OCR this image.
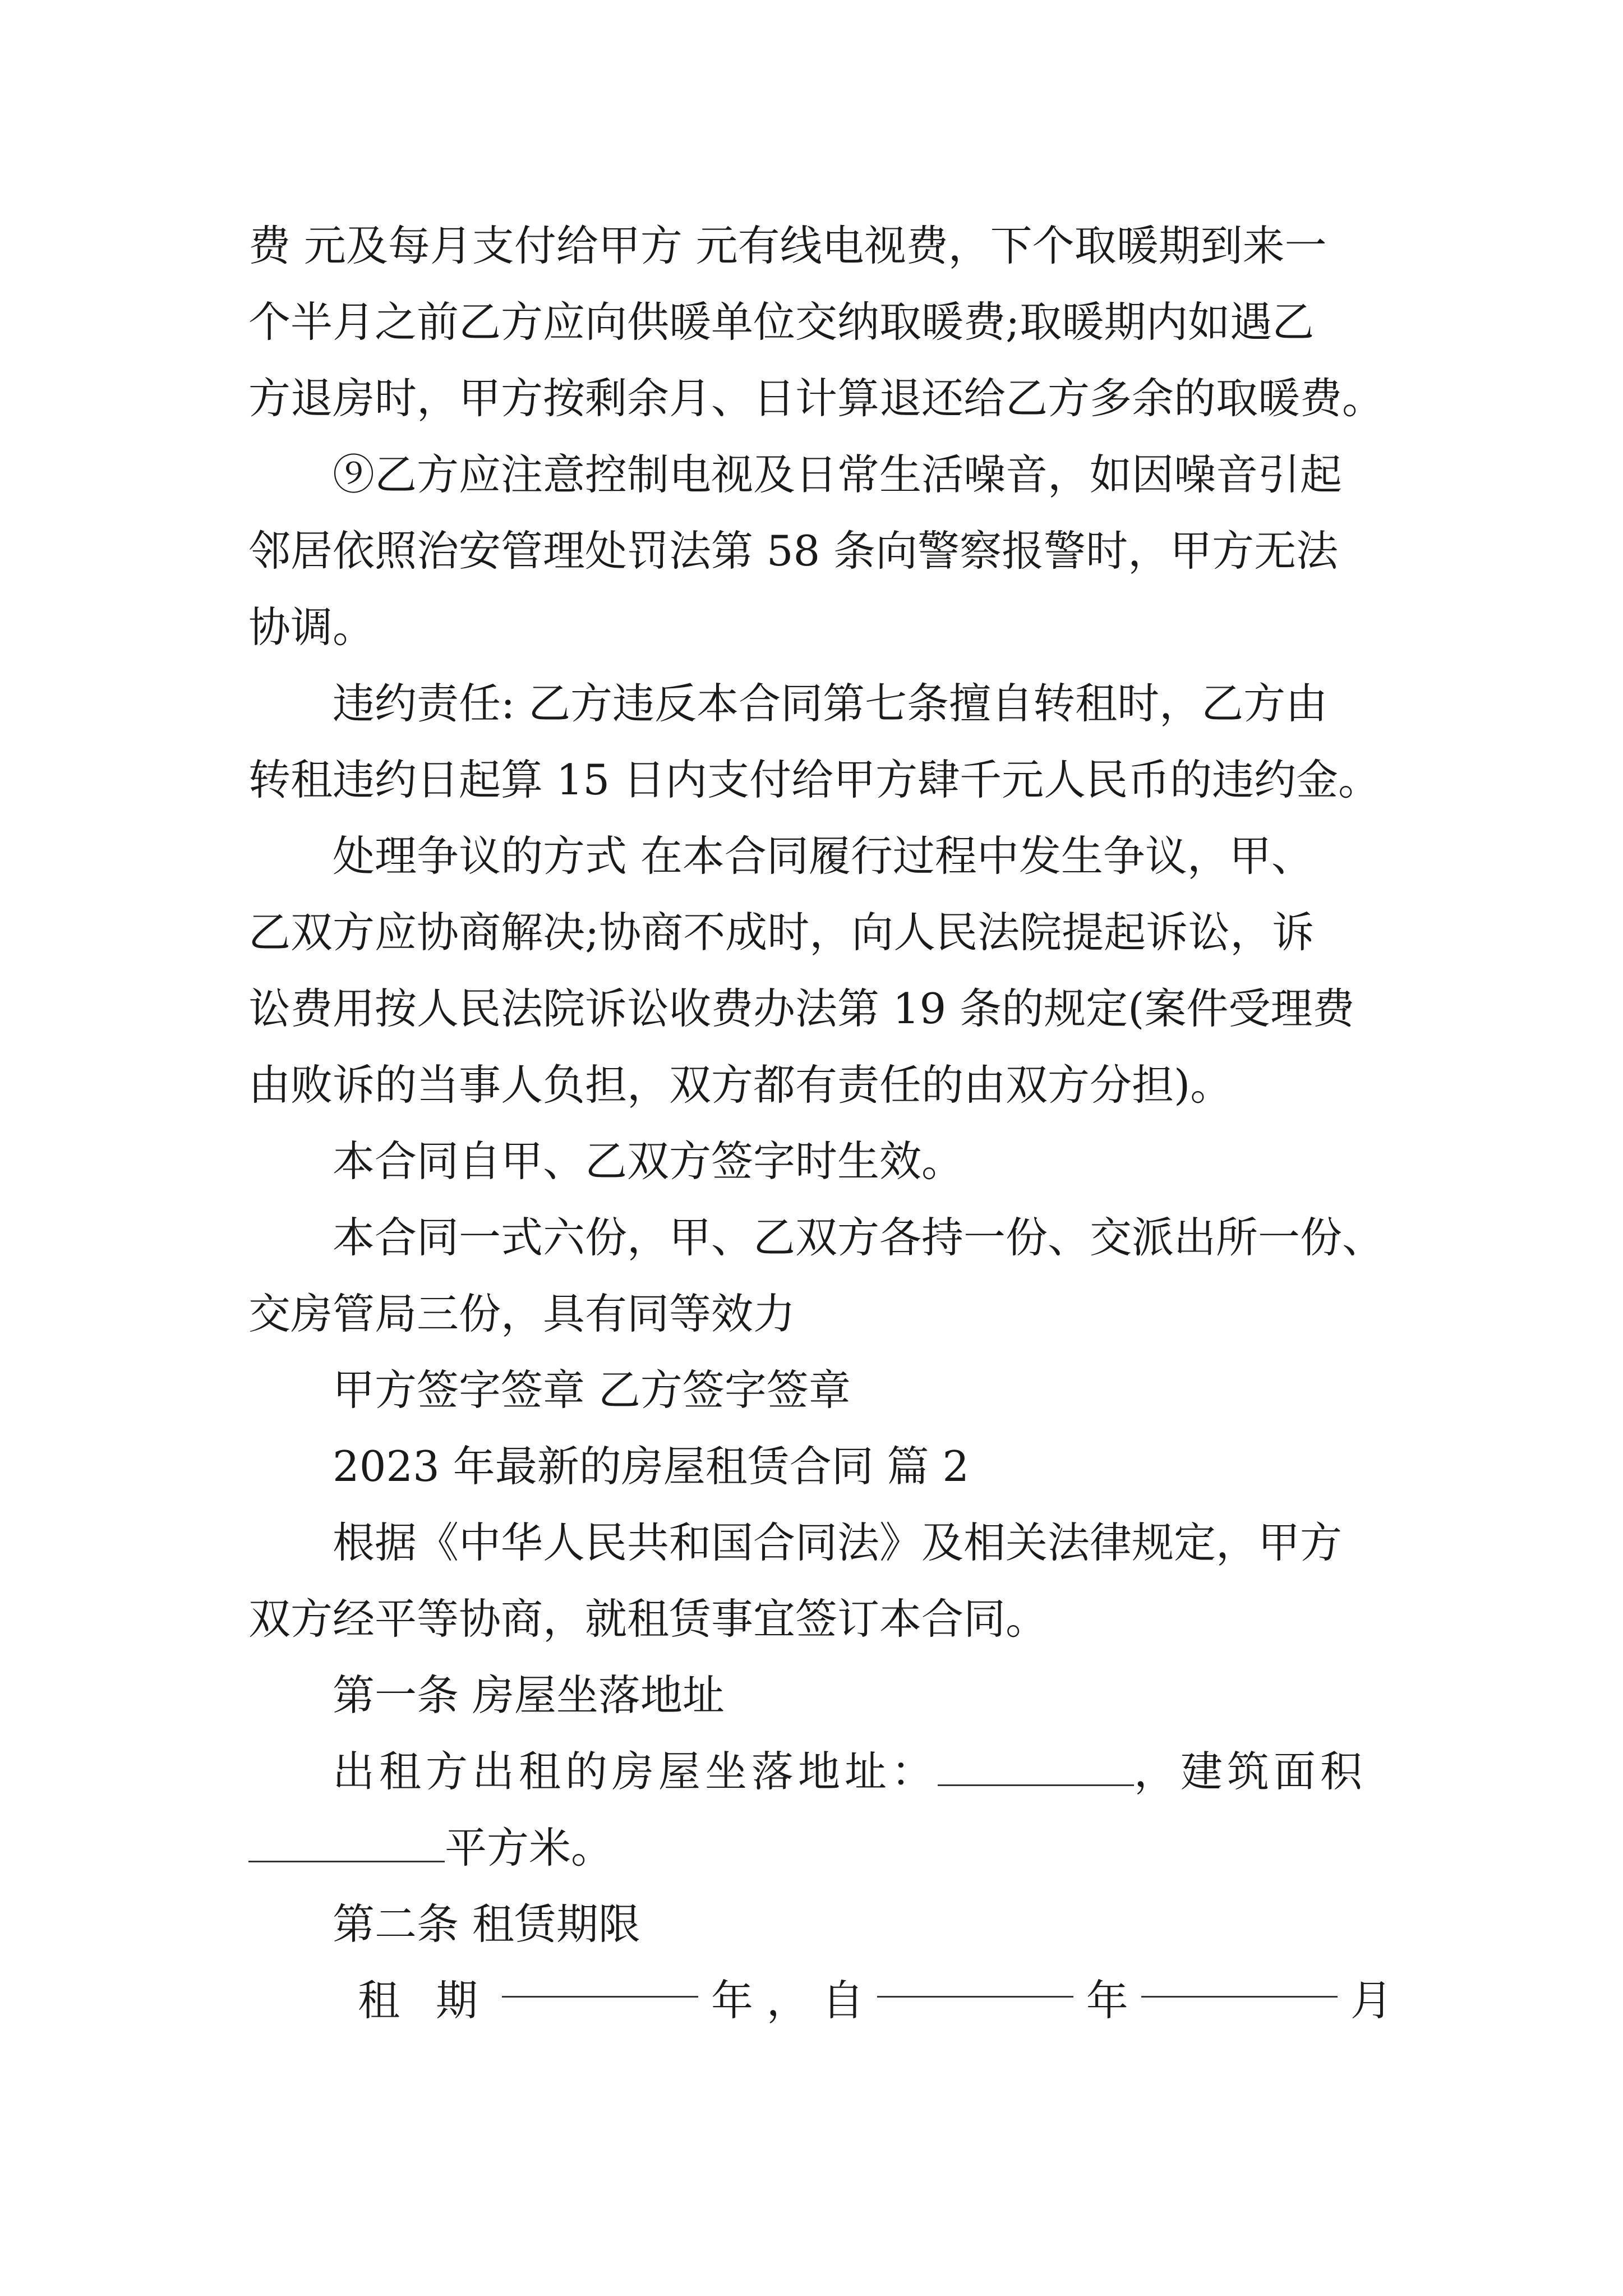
费 元及每月支付给甲方 元有线电视费，下个取暖期到来一

个半月之前乙方应向供暖单位交纳取暖费;取暖期内如遇乙

方退房时，甲方按剩余月、日计算退还给乙方多余的取暖费。

⑨乙方应注意控制电视及日常生活噪音，如因噪音引起

邻居依照治安管理处罚法第 58 条向警察报警时，甲方无法

协调。

违约责任: 乙方违反本合同第七条擅自转租时，乙方由

转租违约日起算 15 日内支付给甲方肆千元人民币的违约金。

处理争议的方式 在本合同履行过程中发生争议，甲、

乙双方应协商解决;协商不成时，向人民法院提起诉讼，诉

讼费用按人民法院诉讼收费办法第 19 条的规定(案件受理费

由败诉的当事人负担，双方都有责任的由双方分担)。

本合同自甲、乙双方签字时生效。

本合同一式六份，甲、乙双方各持一份、交派出所一份、

交房管局三份，具有同等效力

甲方签字签章 乙方签字签章

2023 年最新的房屋租赁合同 篇 2

根据《中华人民共和国合同法》及相关法律规定，甲方

双方经平等协商，就租赁事宜签订本合同。

第一条 房屋坐落地址

出租方出租的房屋坐落地址：	，建筑面积

平方米。

第二条 租赁期限

租 期	年 ， 自	年	月
